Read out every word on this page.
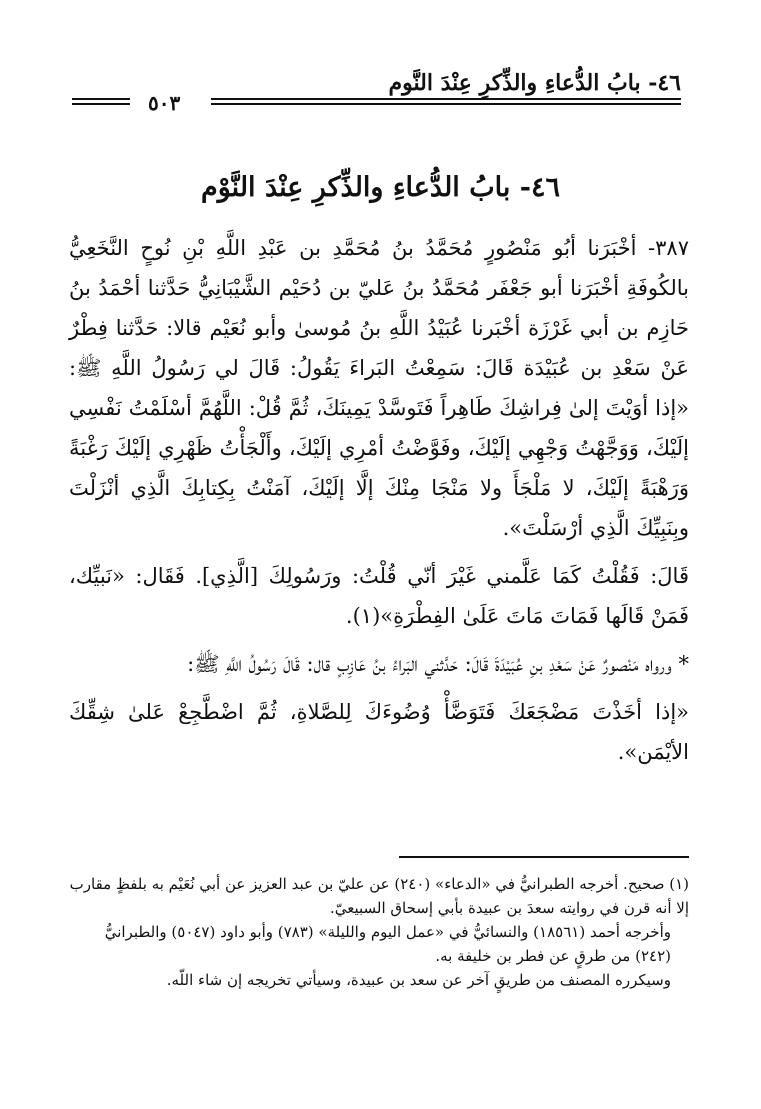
٤٦- بابُ الدُّعاءِ والذِّكرِ عِنْدَ النَّوم
٥٠٣
٤٦- بابُ الدُّعاءِ والذِّكرِ عِنْدَ النَّوْم

٣٨٧- أخْبَرَنا أبُو مَنْصُورٍ مُحَمَّدُ بنُ مُحَمَّدِ بن عَبْدِ اللَّهِ بْنِ نُوحٍ النَّخَعِيُّ بالكُوفَةِ أخْبَرَنا أبو جَعْفَر مُحَمَّدُ بنُ عَليّ بن دُحَيْم الشَّيْبَانِيُّ حَدَّثنا أحْمَدُ بنُ حَازِم بن أبي غَرْزَة أخْبَرنا عُبَيْدُ اللَّهِ بنُ مُوسىٰ وأبو نُعَيْم قالا: حَدَّثنا فِطْرٌ عَنْ سَعْدِ بن عُبَيْدَة قَالَ: سَمِعْتُ البَراءَ يَقُولُ: قَالَ لي رَسُولُ اللَّهِ ﷺ: «إذا أوَيْتَ إلىٰ فِراشِكَ طَاهِراً فَتَوسَّدْ يَمِينَكَ، ثُمَّ قُلْ: اللَّهُمَّ أسْلَمْتُ نَفْسِي إلَيْكَ، وَوَجَّهْتُ وَجْهِي إلَيْكَ، وفَوَّضْتُ أمْرِي إلَيْكَ، وأَلْجَأْتُ ظَهْرِي إلَيْكَ رَغْبَةً وَرَهْبَةً إلَيْكَ، لا مَلْجَأَ ولا مَنْجَا مِنْكَ إلَّا إلَيْكَ، آمَنْتُ بِكِتابِكَ الَّذِي أنْزَلْتَ وبِنَبِيِّكَ الَّذِي أرْسَلْتَ».

قَالَ: فَقُلْتُ كَمَا عَلَّمني غَيْرَ أنّي قُلْتُ: ورَسُولِكَ [الَّذِي]. فَقَال: «نَبيِّك، فَمَنْ قَالَها فَمَاتَ مَاتَ عَلَىٰ الفِطْرَةِ»(١).

* ورواه مَنْصورٌ عَنْ سَعْدِ بنِ عُبَيْدَةَ قَالَ: حَدَّثني البَراءُ بنُ عَازِبٍ قال: قَالَ رَسُولُ اللَّهِ ﷺ:

«إذا أخَذْتَ مَضْجَعَكَ فَتَوَضَّأْ وُضُوءَكَ لِلصَّلاةِ، ثُمَّ اضْطَّجِعْ عَلىٰ شِقِّكَ الأيْمَن».

(١) صحيح. أخرجه الطبرانيُّ في «الدعاء» (٢٤٠) عن عليّ بن عبد العزيز عن أبي نُعَيْم به بلفظٍ مقارب إلا أنه قرن في روايته سعدَ بن عبيدة بأبي إسحاق السبيعيّ.

وأخرجه أحمد (١٨٥٦١) والنسائيُّ في «عمل اليوم والليلة» (٧٨٣) وأبو داود (٥٠٤٧) والطبرانيُّ (٢٤٢) من طرقٍ عن فطر بن خليفة به.

وسيكرره المصنف من طريقٍ آخر عن سعد بن عبيدة، وسيأتي تخريجه إن شاء اللّه.
